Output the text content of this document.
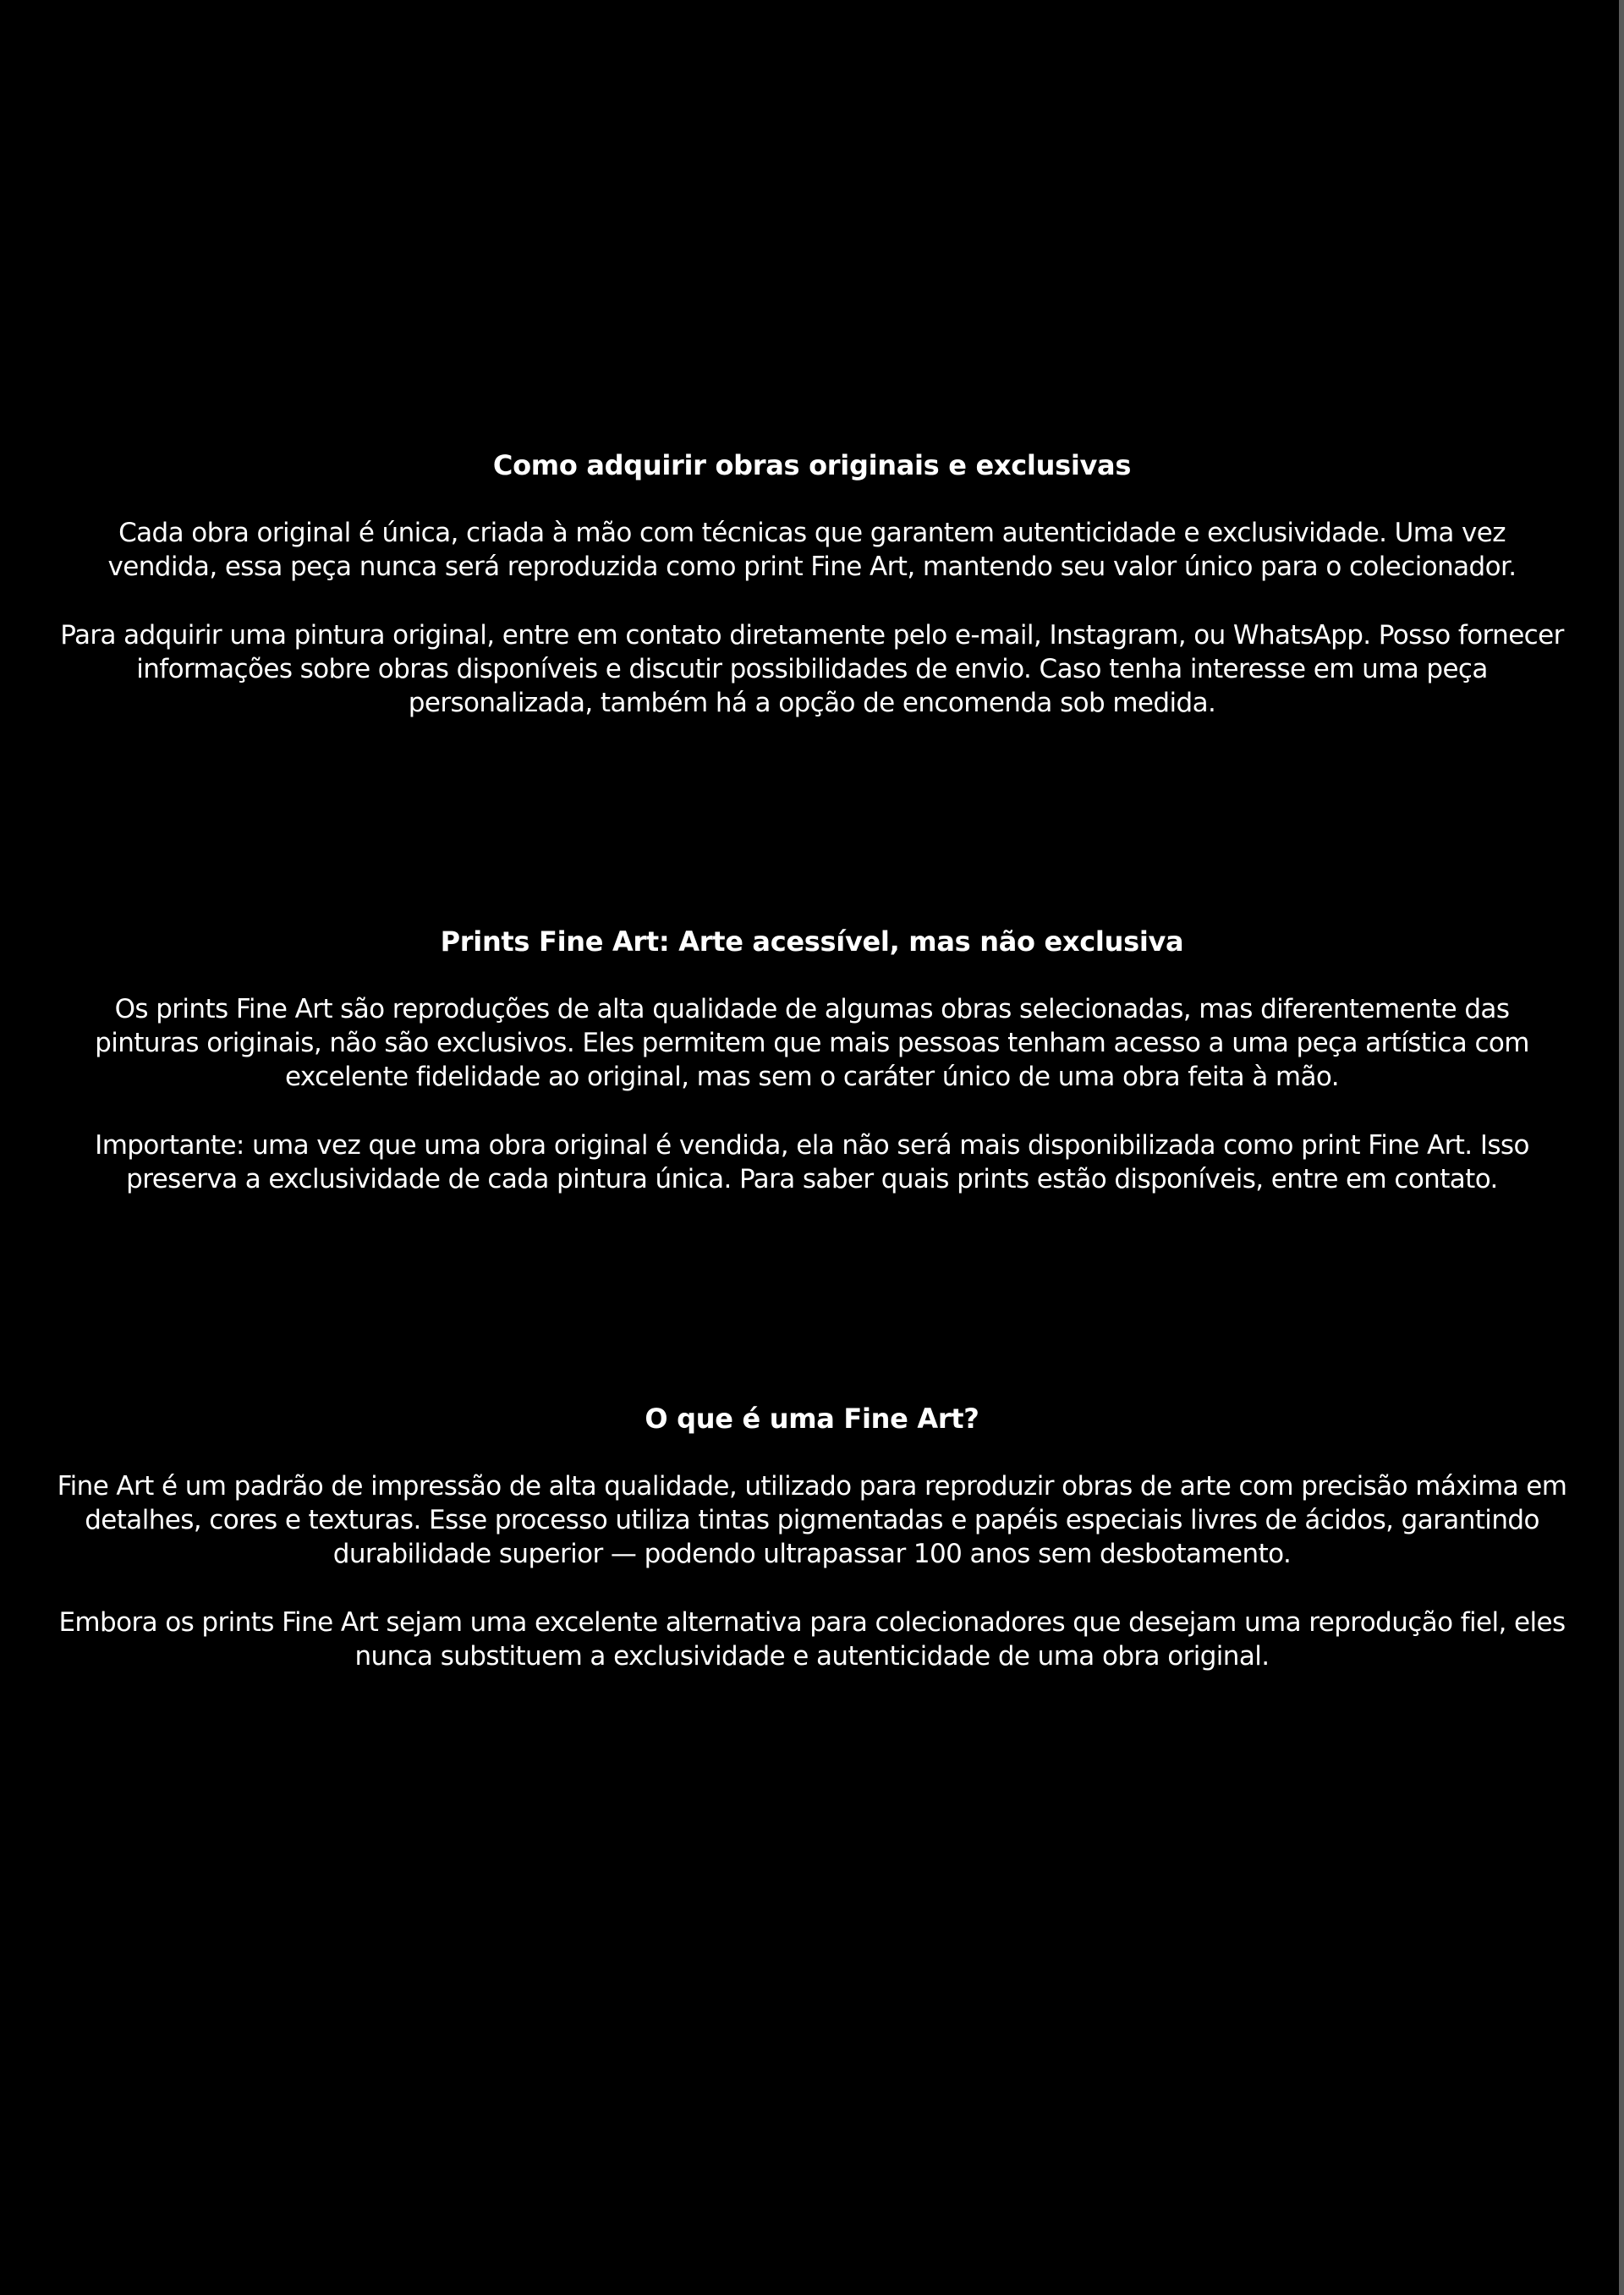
Como adquirir obras originais e exclusivas

Cada obra original é única, criada à mão com técnicas que garantem autenticidade e exclusividade. Uma vez vendida, essa peça nunca será reproduzida como print Fine Art, mantendo seu valor único para o colecionador.

Para adquirir uma pintura original, entre em contato diretamente pelo e-mail, Instagram, ou WhatsApp. Posso fornecer informações sobre obras disponíveis e discutir possibilidades de envio. Caso tenha interesse em uma peça personalizada, também há a opção de encomenda sob medida.

Prints Fine Art: Arte acessível, mas não exclusiva

Os prints Fine Art são reproduções de alta qualidade de algumas obras selecionadas, mas diferentemente das pinturas originais, não são exclusivos. Eles permitem que mais pessoas tenham acesso a uma peça artística com excelente fidelidade ao original, mas sem o caráter único de uma obra feita à mão.

Importante: uma vez que uma obra original é vendida, ela não será mais disponibilizada como print Fine Art. Isso preserva a exclusividade de cada pintura única. Para saber quais prints estão disponíveis, entre em contato.

O que é uma Fine Art?

Fine Art é um padrão de impressão de alta qualidade, utilizado para reproduzir obras de arte com precisão máxima em detalhes, cores e texturas. Esse processo utiliza tintas pigmentadas e papéis especiais livres de ácidos, garantindo durabilidade superior — podendo ultrapassar 100 anos sem desbotamento.

Embora os prints Fine Art sejam uma excelente alternativa para colecionadores que desejam uma reprodução fiel, eles nunca substituem a exclusividade e autenticidade de uma obra original.
